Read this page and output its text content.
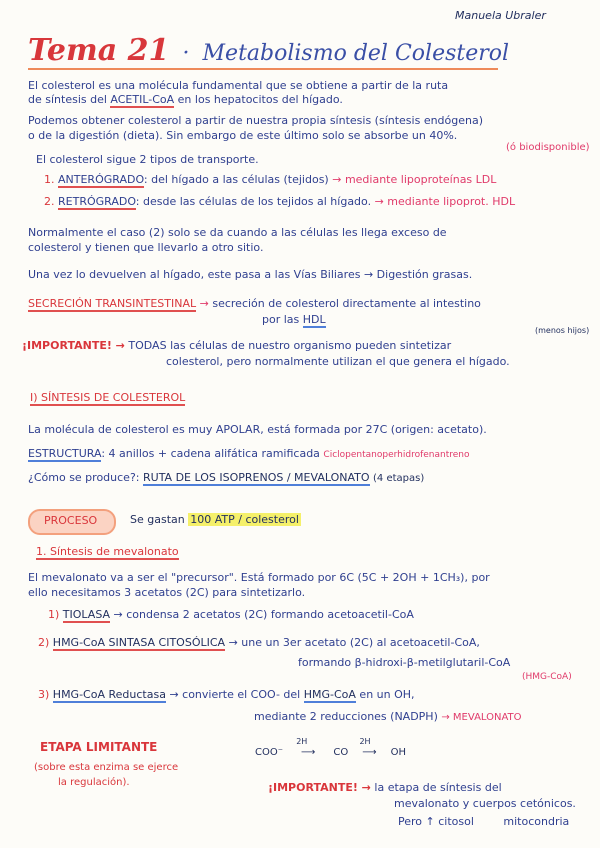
Manuela Ubraler
Tema 21 · Metabolismo del Colesterol
El colesterol es una molécula fundamental que se obtiene a partir de la ruta
de síntesis del ACETIL-CoA en los hepatocitos del hígado.
Podemos obtener colesterol a partir de nuestra propia síntesis (síntesis endógena)
o de la digestión (dieta). Sin embargo de este último solo se absorbe un 40%.
(ó biodisponible)
El colesterol sigue 2 tipos de transporte.
1. ANTERÓGRADO: del hígado a las células (tejidos) → mediante lipoproteínas LDL
2. RETRÓGRADO: desde las células de los tejidos al hígado. → mediante lipoprot. HDL
Normalmente el caso (2) solo se da cuando a las células les llega exceso de
colesterol y tienen que llevarlo a otro sitio.
Una vez lo devuelven al hígado, este pasa a las Vías Biliares → Digestión grasas.
SECRECIÓN TRANSINTESTINAL → secreción de colesterol directamente al intestino
por las HDL
¡IMPORTANTE! → TODAS las células de nuestro organismo pueden sintetizar
colesterol, pero normalmente utilizan el que genera el hígado.
(menos hijos)
I) SÍNTESIS DE COLESTEROL
La molécula de colesterol es muy APOLAR, está formada por 27C (origen: acetato).
ESTRUCTURA: 4 anillos + cadena alifática ramificada Ciclopentanoperhidrofenantreno
¿Cómo se produce?: RUTA DE LOS ISOPRENOS / MEVALONATO (4 etapas)
PROCESO	Se gastan 100 ATP / colesterol
1. Síntesis de mevalonato
El mevalonato va a ser el "precursor". Está formado por 6C (5C + 2OH + 1CH₃), por
ello necesitamos 3 acetatos (2C) para sintetizarlo.
1) TIOLASA → condensa 2 acetatos (2C) formando acetoacetil-CoA
2) HMG-CoA SINTASA CITOSÓLICA → une un 3er acetato (2C) al acetoacetil-CoA,
formando β-hidroxi-β-metilglutaril-CoA
(HMG-CoA)
3) HMG-CoA Reductasa → convierte el COO- del HMG-CoA en un OH,
mediante 2 reducciones (NADPH) → MEVALONATO
ETAPA LIMITANTE
(sobre esta enzima se ejerce
la regulación).
COO⁻
2H
⟶ CO
2H
⟶ OH
¡IMPORTANTE! → la etapa de síntesis del
mevalonato y cuerpos cetónicos.
Pero ↑ citosol	mitocondria
